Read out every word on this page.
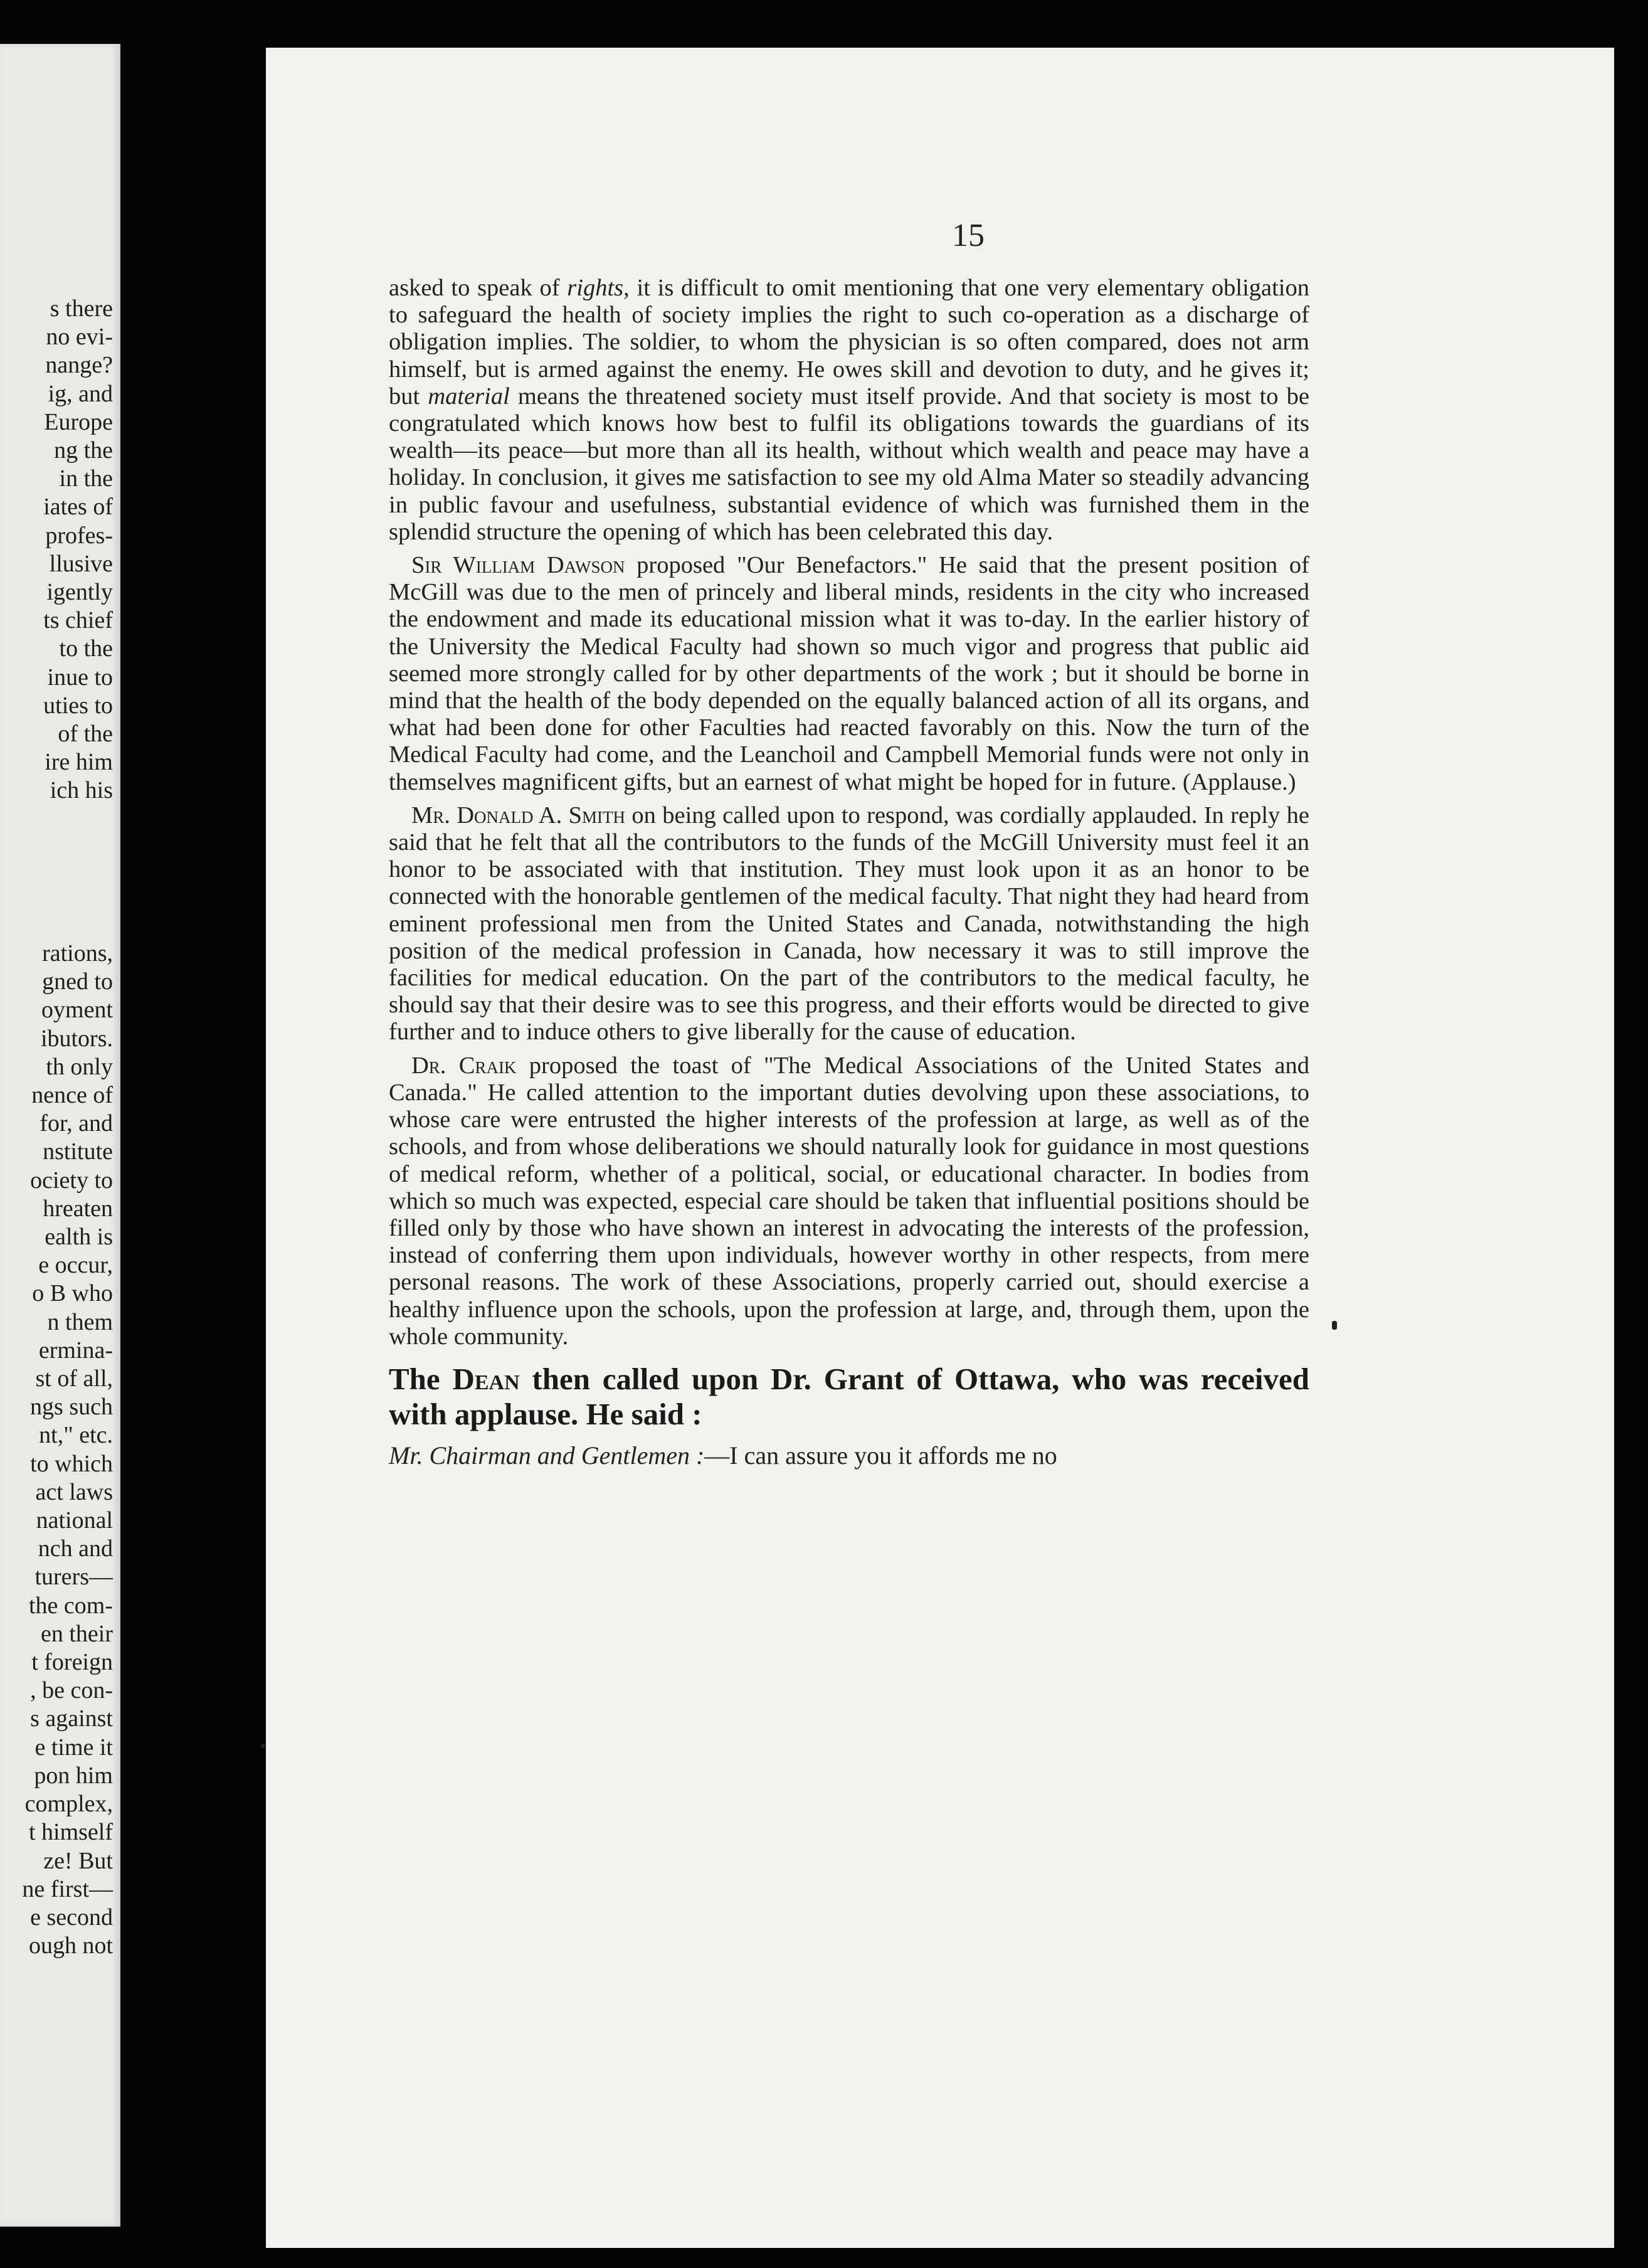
s there
no evi-
nange?
ig, and
Europe
ng the
in the
iates of
profes-
llusive
igently
ts chief
to the
inue to
uties to
of the
ire him
ich his
rations,
gned to
oyment
ibutors.
th only
nence of
for, and
nstitute
ociety to
hreaten
ealth is
e occur,
o B who
n them
ermina-
st of all,
ngs such
nt," etc.
to which
act laws
national
nch and
turers—
the com-
en their
t foreign
, be con-
s against
e time it
pon him
complex,
t himself
ze! But
ne first—
e second
ough not
15

asked to speak of rights, it is difficult to omit mentioning that one very elementary obligation to safeguard the health of society implies the right to such co-operation as a discharge of obligation implies. The soldier, to whom the physician is so often compared, does not arm himself, but is armed against the enemy. He owes skill and devotion to duty, and he gives it; but material means the threatened society must itself provide. And that society is most to be congratulated which knows how best to fulfil its obligations towards the guardians of its wealth—its peace—but more than all its health, without which wealth and peace may have a holiday. In conclusion, it gives me satisfaction to see my old Alma Mater so steadily advancing in public favour and usefulness, substantial evidence of which was furnished them in the splendid structure the opening of which has been celebrated this day.

Sir William Dawson proposed "Our Benefactors." He said that the present position of McGill was due to the men of princely and liberal minds, residents in the city who increased the endowment and made its educational mission what it was to-day. In the earlier history of the University the Medical Faculty had shown so much vigor and progress that public aid seemed more strongly called for by other departments of the work ; but it should be borne in mind that the health of the body depended on the equally balanced action of all its organs, and what had been done for other Faculties had reacted favorably on this. Now the turn of the Medical Faculty had come, and the Leanchoil and Campbell Memorial funds were not only in themselves magnificent gifts, but an earnest of what might be hoped for in future. (Applause.)

Mr. Donald A. Smith on being called upon to respond, was cordially applauded. In reply he said that he felt that all the contributors to the funds of the McGill University must feel it an honor to be associated with that institution. They must look upon it as an honor to be connected with the honorable gentlemen of the medical faculty. That night they had heard from eminent professional men from the United States and Canada, notwithstanding the high position of the medical profession in Canada, how necessary it was to still improve the facilities for medical education. On the part of the contributors to the medical faculty, he should say that their desire was to see this progress, and their efforts would be directed to give further and to induce others to give liberally for the cause of education.

Dr. Craik proposed the toast of "The Medical Associations of the United States and Canada." He called attention to the important duties devolving upon these associations, to whose care were entrusted the higher interests of the profession at large, as well as of the schools, and from whose deliberations we should naturally look for guidance in most questions of medical reform, whether of a political, social, or educational character. In bodies from which so much was expected, especial care should be taken that influential positions should be filled only by those who have shown an interest in advocating the interests of the profession, instead of conferring them upon individuals, however worthy in other respects, from mere personal reasons. The work of these Associations, properly carried out, should exercise a healthy influence upon the schools, upon the profession at large, and, through them, upon the whole community.

The Dean then called upon Dr. Grant of Ottawa, who was received with applause. He said :

Mr. Chairman and Gentlemen :—I can assure you it affords me no
